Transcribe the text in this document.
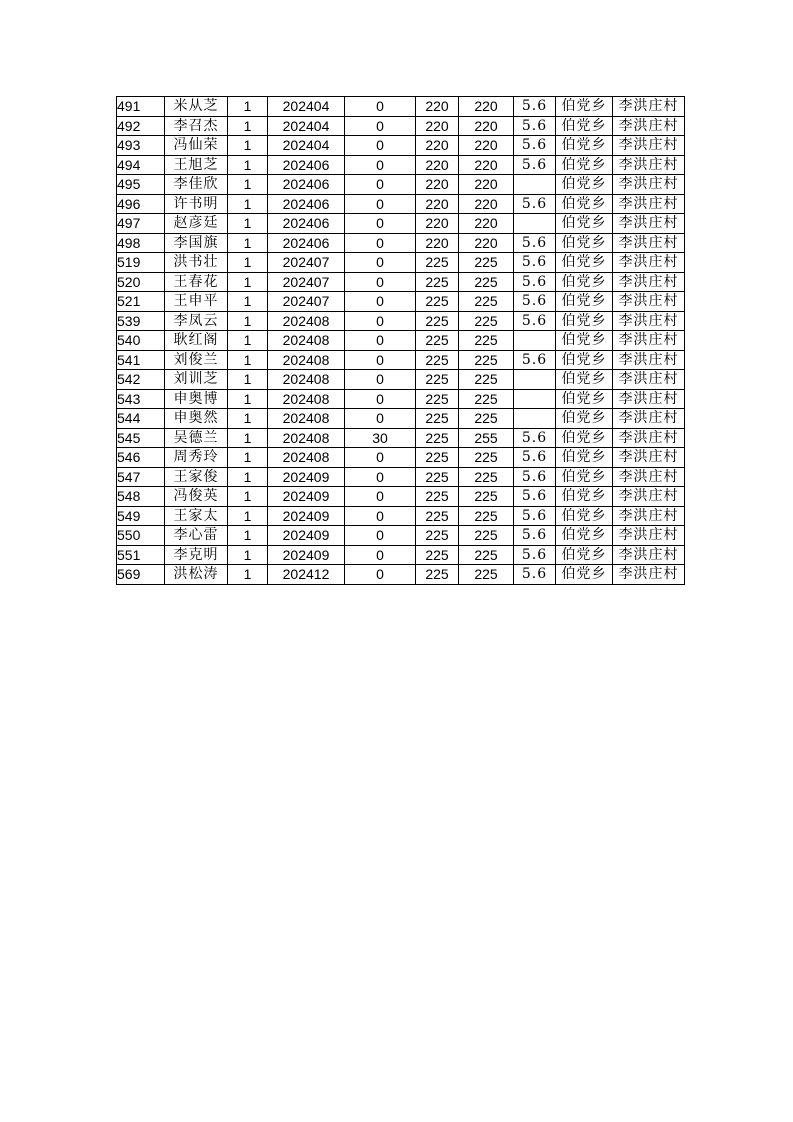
491	米从芝	1	202404	0	220	220	5.6	伯党乡	李洪庄村
492	李召杰	1	202404	0	220	220	5.6	伯党乡	李洪庄村
493	冯仙荣	1	202404	0	220	220	5.6	伯党乡	李洪庄村
494	王旭芝	1	202406	0	220	220	5.6	伯党乡	李洪庄村
495	李佳欣	1	202406	0	220	220		伯党乡	李洪庄村
496	许书明	1	202406	0	220	220	5.6	伯党乡	李洪庄村
497	赵彦廷	1	202406	0	220	220		伯党乡	李洪庄村
498	李国旗	1	202406	0	220	220	5.6	伯党乡	李洪庄村
519	洪书壮	1	202407	0	225	225	5.6	伯党乡	李洪庄村
520	王春花	1	202407	0	225	225	5.6	伯党乡	李洪庄村
521	王申平	1	202407	0	225	225	5.6	伯党乡	李洪庄村
539	李凤云	1	202408	0	225	225	5.6	伯党乡	李洪庄村
540	耿红阁	1	202408	0	225	225		伯党乡	李洪庄村
541	刘俊兰	1	202408	0	225	225	5.6	伯党乡	李洪庄村
542	刘训芝	1	202408	0	225	225		伯党乡	李洪庄村
543	申奥博	1	202408	0	225	225		伯党乡	李洪庄村
544	申奥然	1	202408	0	225	225		伯党乡	李洪庄村
545	吴德兰	1	202408	30	225	255	5.6	伯党乡	李洪庄村
546	周秀玲	1	202408	0	225	225	5.6	伯党乡	李洪庄村
547	王家俊	1	202409	0	225	225	5.6	伯党乡	李洪庄村
548	冯俊英	1	202409	0	225	225	5.6	伯党乡	李洪庄村
549	王家太	1	202409	0	225	225	5.6	伯党乡	李洪庄村
550	李心雷	1	202409	0	225	225	5.6	伯党乡	李洪庄村
551	李克明	1	202409	0	225	225	5.6	伯党乡	李洪庄村
569	洪松涛	1	202412	0	225	225	5.6	伯党乡	李洪庄村
